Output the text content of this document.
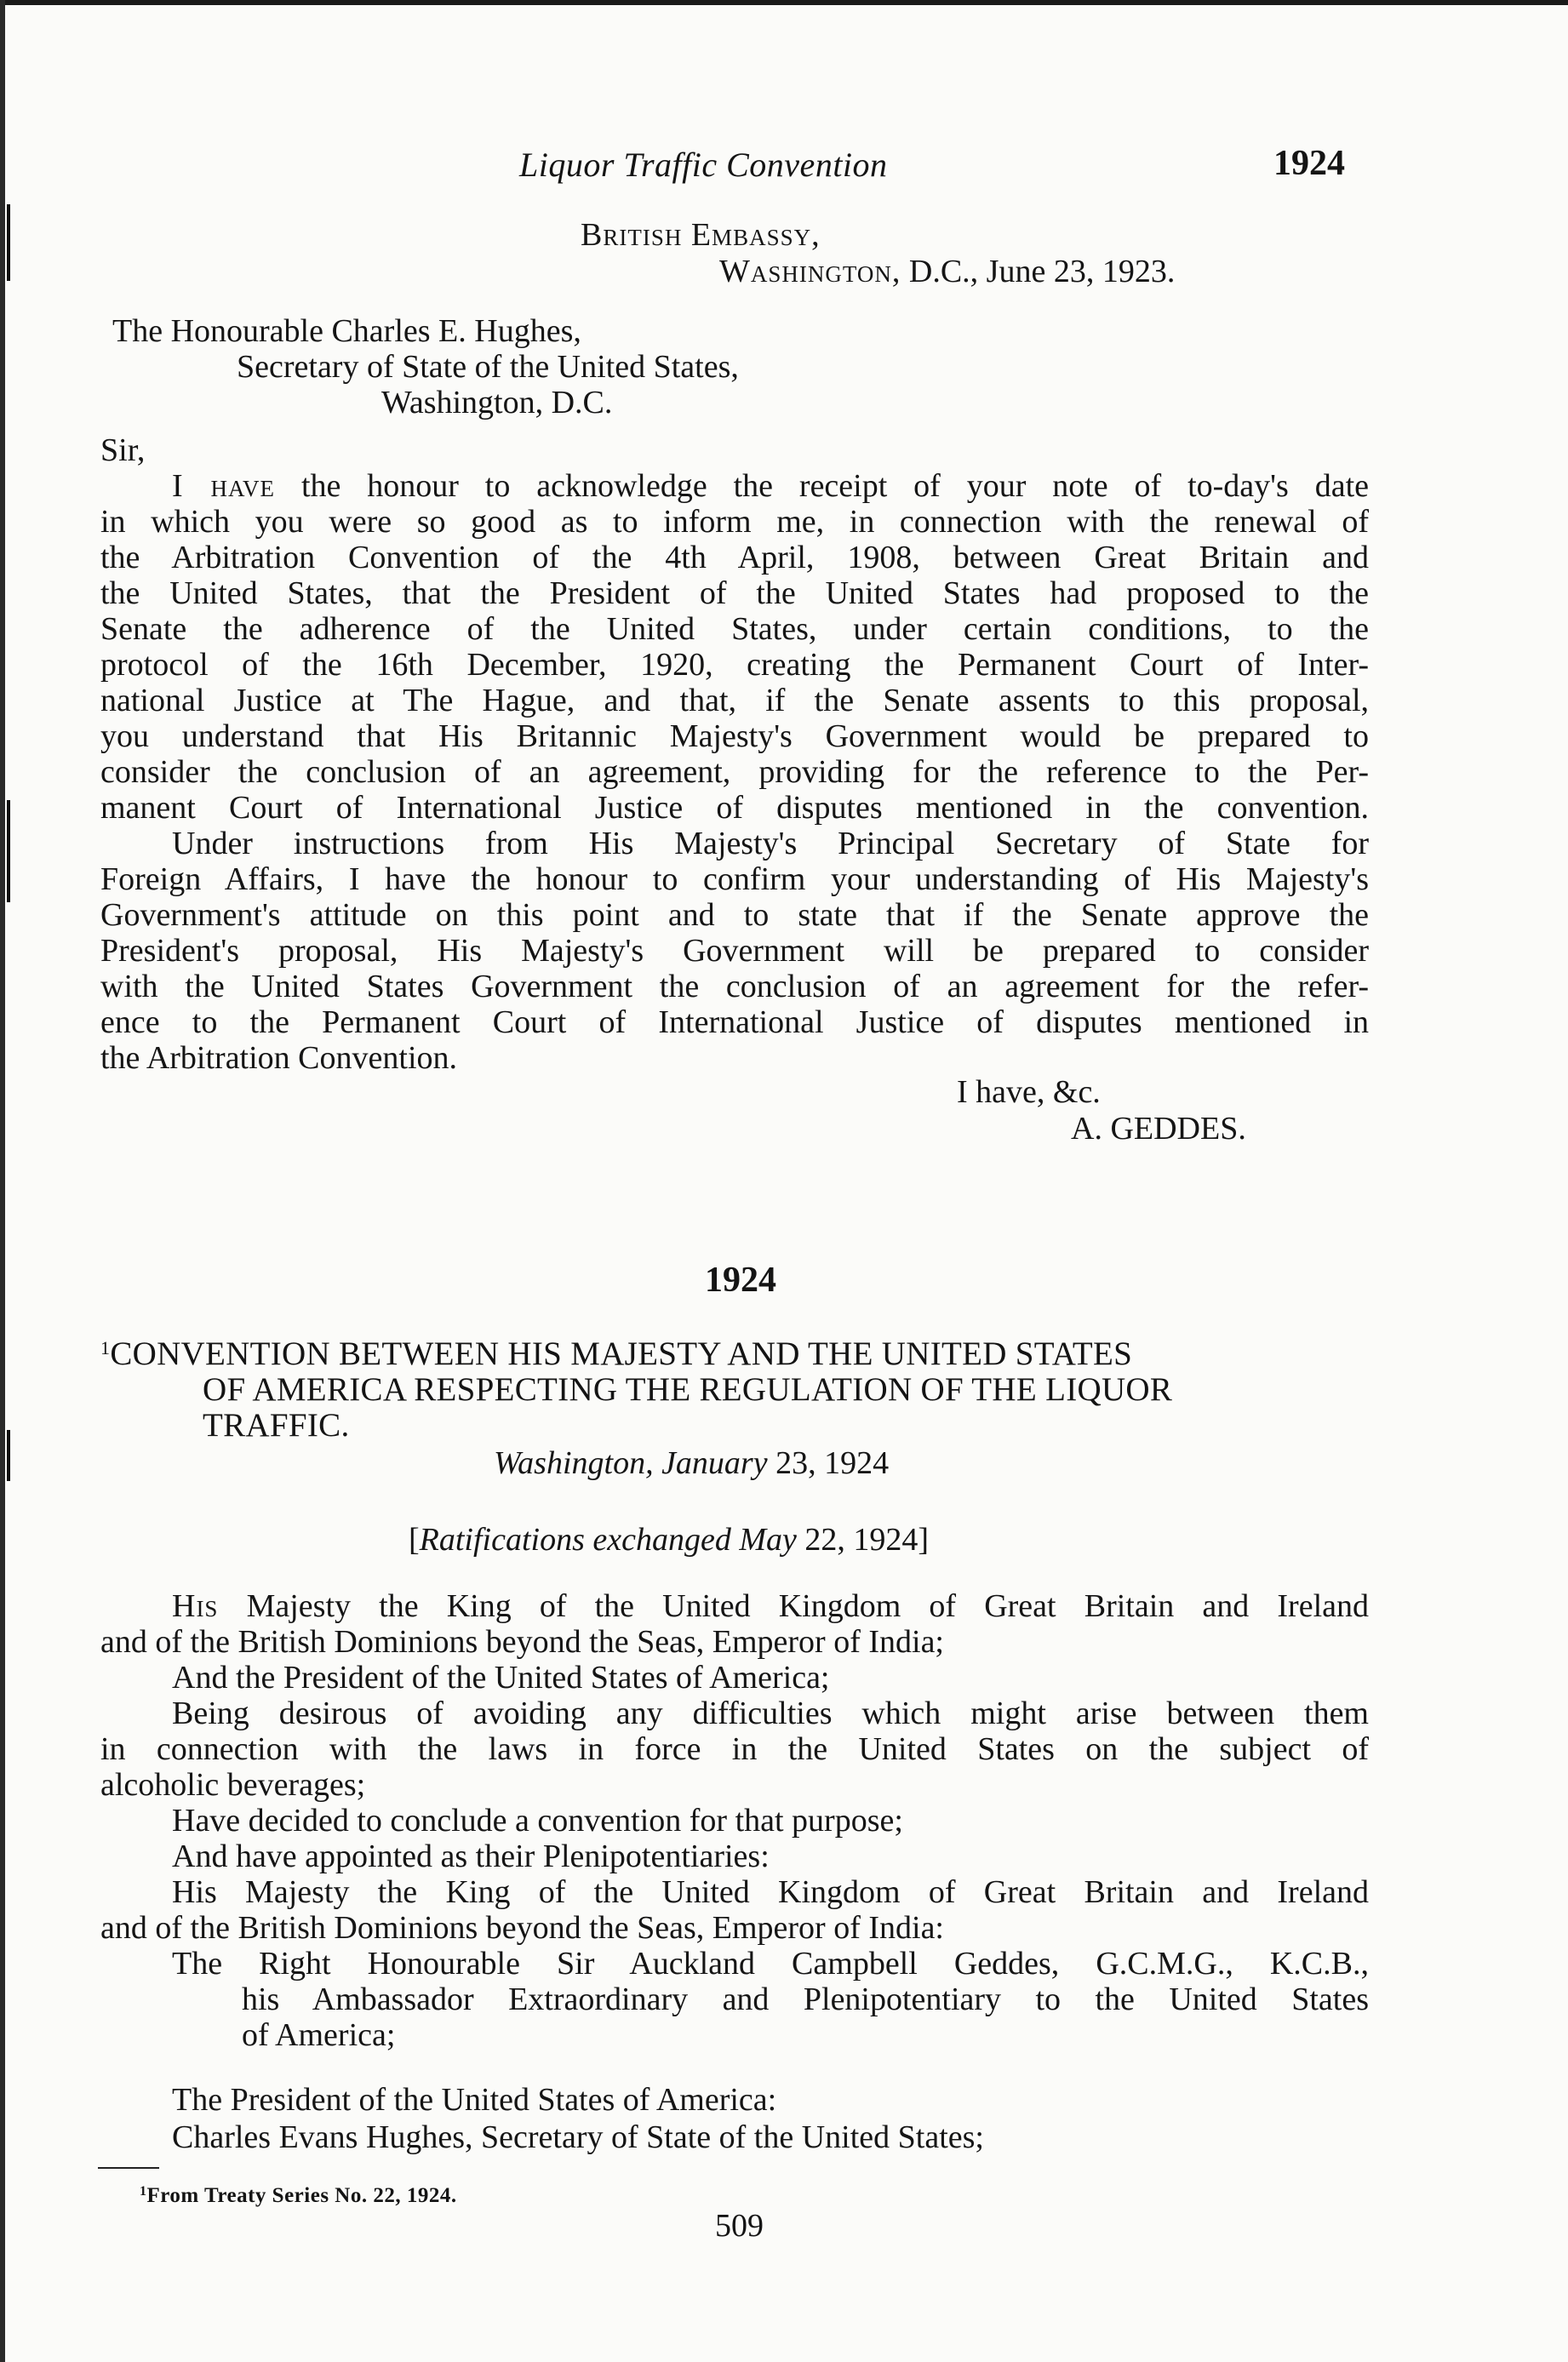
Liquor Traffic Convention	1924
British Embassy,
Washington, D.C., June 23, 1923.
The Honourable Charles E. Hughes,
Secretary of State of the United States,
Washington, D.C.
Sir,
I have the honour to acknowledge the receipt of your note of to-day's date
in which you were so good as to inform me, in connection with the renewal of
the Arbitration Convention of the 4th April, 1908, between Great Britain and
the United States, that the President of the United States had proposed to the
Senate the adherence of the United States, under certain conditions, to the
protocol of the 16th December, 1920, creating the Permanent Court of Inter-
national Justice at The Hague, and that, if the Senate assents to this proposal,
you understand that His Britannic Majesty's Government would be prepared to
consider the conclusion of an agreement, providing for the reference to the Per-
manent Court of International Justice of disputes mentioned in the convention.
Under instructions from His Majesty's Principal Secretary of State for
Foreign Affairs, I have the honour to confirm your understanding of His Majesty's
Government's attitude on this point and to state that if the Senate approve the
President's proposal, His Majesty's Government will be prepared to consider
with the United States Government the conclusion of an agreement for the refer-
ence to the Permanent Court of International Justice of disputes mentioned in
the Arbitration Convention.
I have, &c.
A. GEDDES.
1924
$^1$CONVENTION BETWEEN HIS MAJESTY AND THE UNITED STATES
OF AMERICA RESPECTING THE REGULATION OF THE LIQUOR
TRAFFIC.
Washington, January 23, 1924
[Ratifications exchanged May 22, 1924]
His Majesty the King of the United Kingdom of Great Britain and Ireland
and of the British Dominions beyond the Seas, Emperor of India;
And the President of the United States of America;
Being desirous of avoiding any difficulties which might arise between them
in connection with the laws in force in the United States on the subject of
alcoholic beverages;
Have decided to conclude a convention for that purpose;
And have appointed as their Plenipotentiaries:
His Majesty the King of the United Kingdom of Great Britain and Ireland
and of the British Dominions beyond the Seas, Emperor of India:
The Right Honourable Sir Auckland Campbell Geddes, G.C.M.G., K.C.B.,
his Ambassador Extraordinary and Plenipotentiary to the United States
of America;
The President of the United States of America:
Charles Evans Hughes, Secretary of State of the United States;
$^1$From Treaty Series No. 22, 1924.
509
